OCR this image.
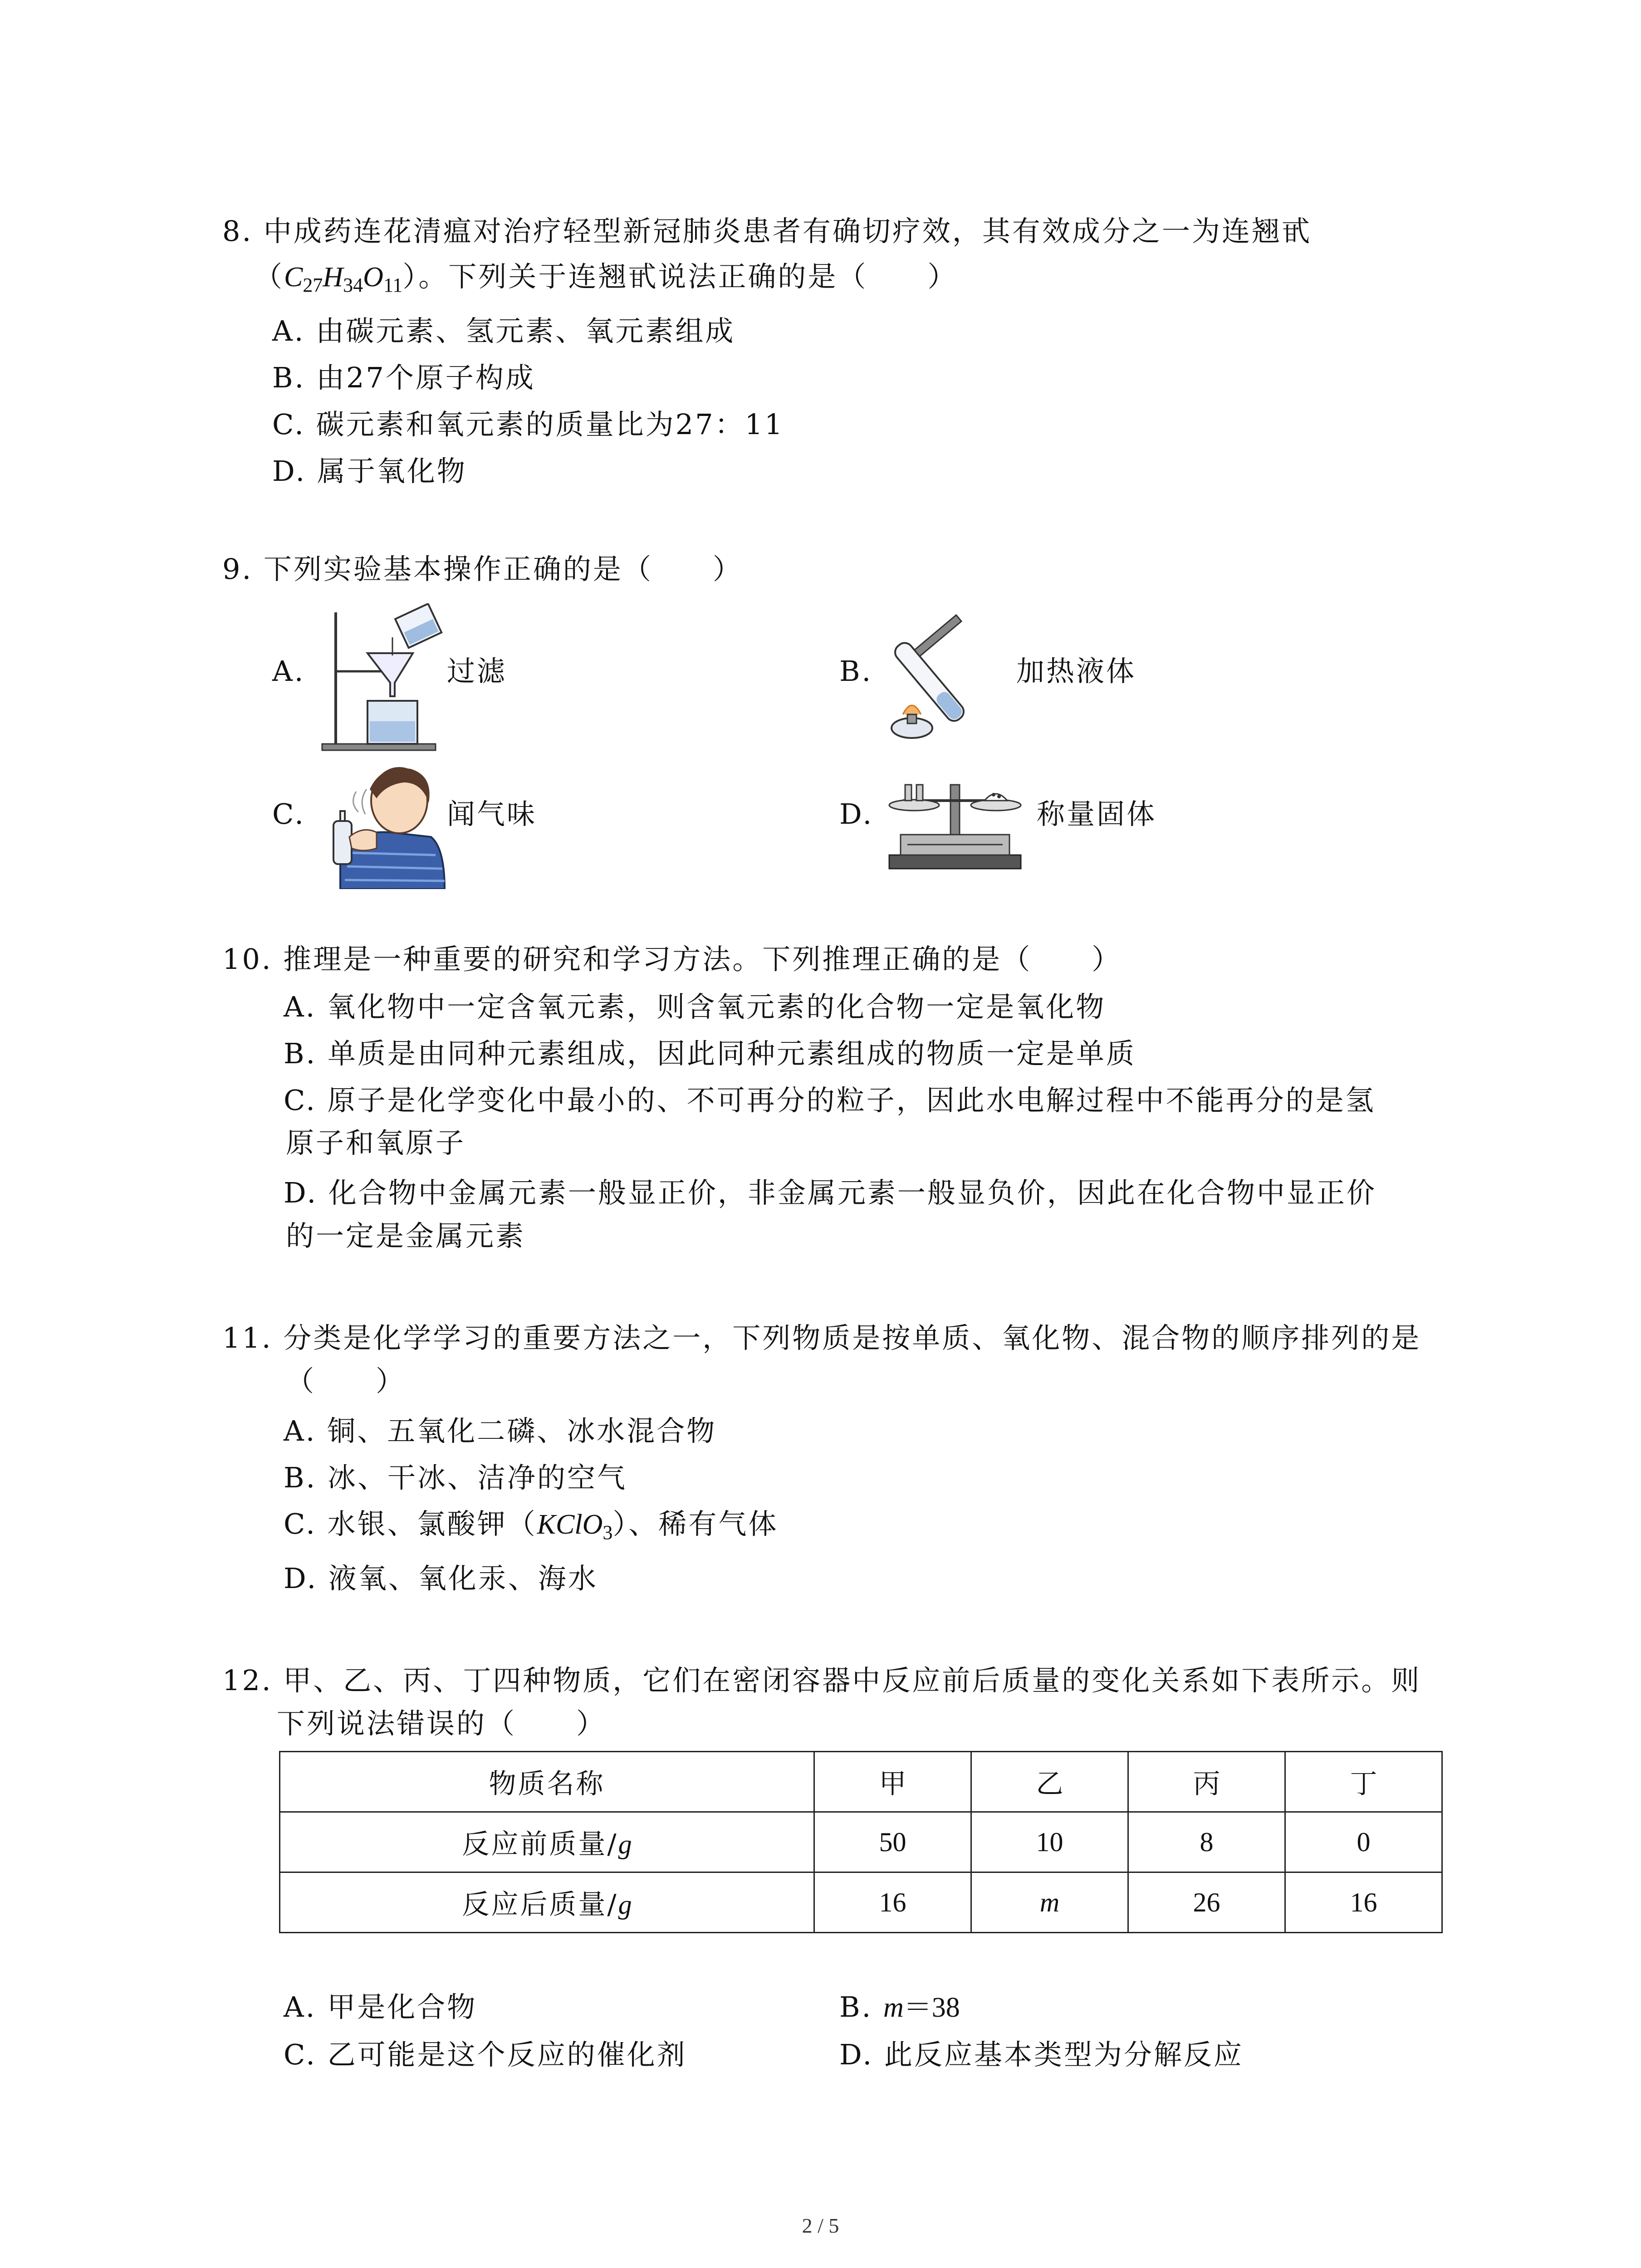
8. 中成药连花清瘟对治疗轻型新冠肺炎患者有确切疗效，其有效成分之一为连翘甙
$(C_{27}H_{34}O_{11})$。下列关于连翘甙说法正确的是（　　）
A. 由碳元素、氢元素、氧元素组成
B. 由27个原子构成
C. 碳元素和氧元素的质量比为27：11
D. 属于氧化物
9. 下列实验基本操作正确的是（　　）
A.	过滤	B.	加热液体
C.	闻气味	D.	称量固体
10. 推理是一种重要的研究和学习方法。下列推理正确的是（　　）
A. 氧化物中一定含氧元素，则含氧元素的化合物一定是氧化物
B. 单质是由同种元素组成，因此同种元素组成的物质一定是单质
C. 原子是化学变化中最小的、不可再分的粒子，因此水电解过程中不能再分的是氢
原子和氧原子
D. 化合物中金属元素一般显正价，非金属元素一般显负价，因此在化合物中显正价
的一定是金属元素
11. 分类是化学学习的重要方法之一，下列物质是按单质、氧化物、混合物的顺序排列的是
（　　）
A. 铜、五氧化二磷、冰水混合物
B. 冰、干冰、洁净的空气
C. 水银、氯酸钾（KClO$_3$）、稀有气体
D. 液氧、氧化汞、海水
12. 甲、乙、丙、丁四种物质，它们在密闭容器中反应前后质量的变化关系如下表所示。则
下列说法错误的（　　）
物质名称	甲	乙	丙	丁
反应前质量/g	50	10	8	0
反应后质量/g	16	m	26	16
A. 甲是化合物	B. m＝38
C. 乙可能是这个反应的催化剂	D. 此反应基本类型为分解反应
2 / 5
